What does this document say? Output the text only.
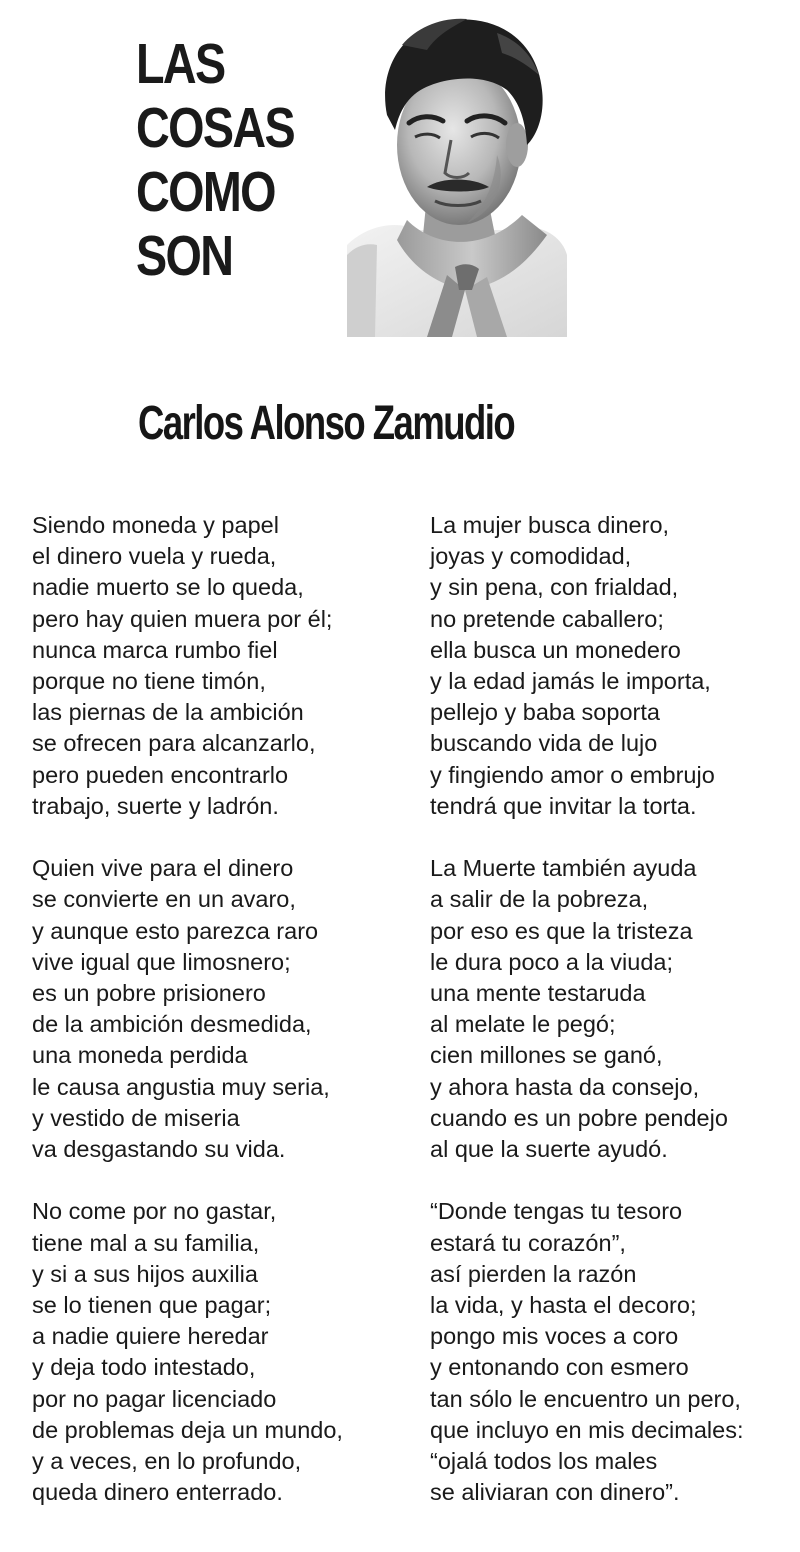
LAS
COSAS
COMO
SON
Carlos Alonso Zamudio
Siendo moneda y papel
el dinero vuela y rueda,
nadie muerto se lo queda,
pero hay quien muera por él;
nunca marca rumbo fiel
porque no tiene timón,
las piernas de la ambición
se ofrecen para alcanzarlo,
pero pueden encontrarlo
trabajo, suerte y ladrón.
Quien vive para el dinero
se convierte en un avaro,
y aunque esto parezca raro
vive igual que limosnero;
es un pobre prisionero
de la ambición desmedida,
una moneda perdida
le causa angustia muy seria,
y vestido de miseria
va desgastando su vida.
No come por no gastar,
tiene mal a su familia,
y si a sus hijos auxilia
se lo tienen que pagar;
a nadie quiere heredar
y deja todo intestado,
por no pagar licenciado
de problemas deja un mundo,
y a veces, en lo profundo,
queda dinero enterrado.
La mujer busca dinero,
joyas y comodidad,
y sin pena, con frialdad,
no pretende caballero;
ella busca un monedero
y la edad jamás le importa,
pellejo y baba soporta
buscando vida de lujo
y fingiendo amor o embrujo
tendrá que invitar la torta.
La Muerte también ayuda
a salir de la pobreza,
por eso es que la tristeza
le dura poco a la viuda;
una mente testaruda
al melate le pegó;
cien millones se ganó,
y ahora hasta da consejo,
cuando es un pobre pendejo
al que la suerte ayudó.
“Donde tengas tu tesoro
estará tu corazón”,
así pierden la razón
la vida, y hasta el decoro;
pongo mis voces a coro
y entonando con esmero
tan sólo le encuentro un pero,
que incluyo en mis decimales:
“ojalá todos los males
se aliviaran con dinero”.
